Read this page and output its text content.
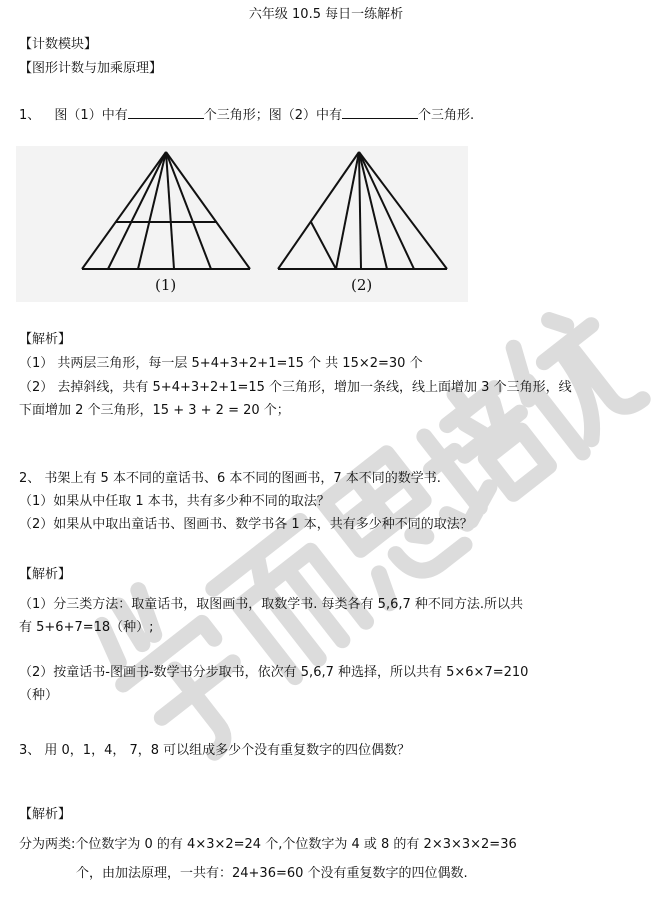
六年级 10.5 每日一练解析
【计数模块】
【图形计数与加乘原理】
1、 图（1）中有	个三角形；图（2）中有	个三角形.
(1)	(2)
【解析】
（1） 共两层三角形，每一层 5+4+3+2+1=15 个 共 15×2=30 个
（2） 去掉斜线，共有 5+4+3+2+1=15 个三角形，增加一条线，线上面增加 3 个三角形，线
下面增加 2 个三角形，15 + 3 + 2 = 20 个；
2、 书架上有 5 本不同的童话书、6 本不同的图画书，7 本不同的数学书.
（1）如果从中任取 1 本书，共有多少种不同的取法？
（2）如果从中取出童话书、图画书、数学书各 1 本，共有多少种不同的取法？
【解析】
（1）分三类方法：取童话书，取图画书，取数学书. 每类各有 5,6,7 种不同方法.所以共
有 5+6+7=18（种）;
（2）按童话书-图画书-数学书分步取书，依次有 5,6,7 种选择，所以共有 5×6×7=210
（种）
3、 用 0，1，4， 7，8 可以组成多少个没有重复数字的四位偶数？
【解析】
分为两类:个位数字为 0 的有 4×3×2=24 个,个位数字为 4 或 8 的有 2×3×3×2=36
个，由加法原理，一共有：24+36=60 个没有重复数字的四位偶数.
